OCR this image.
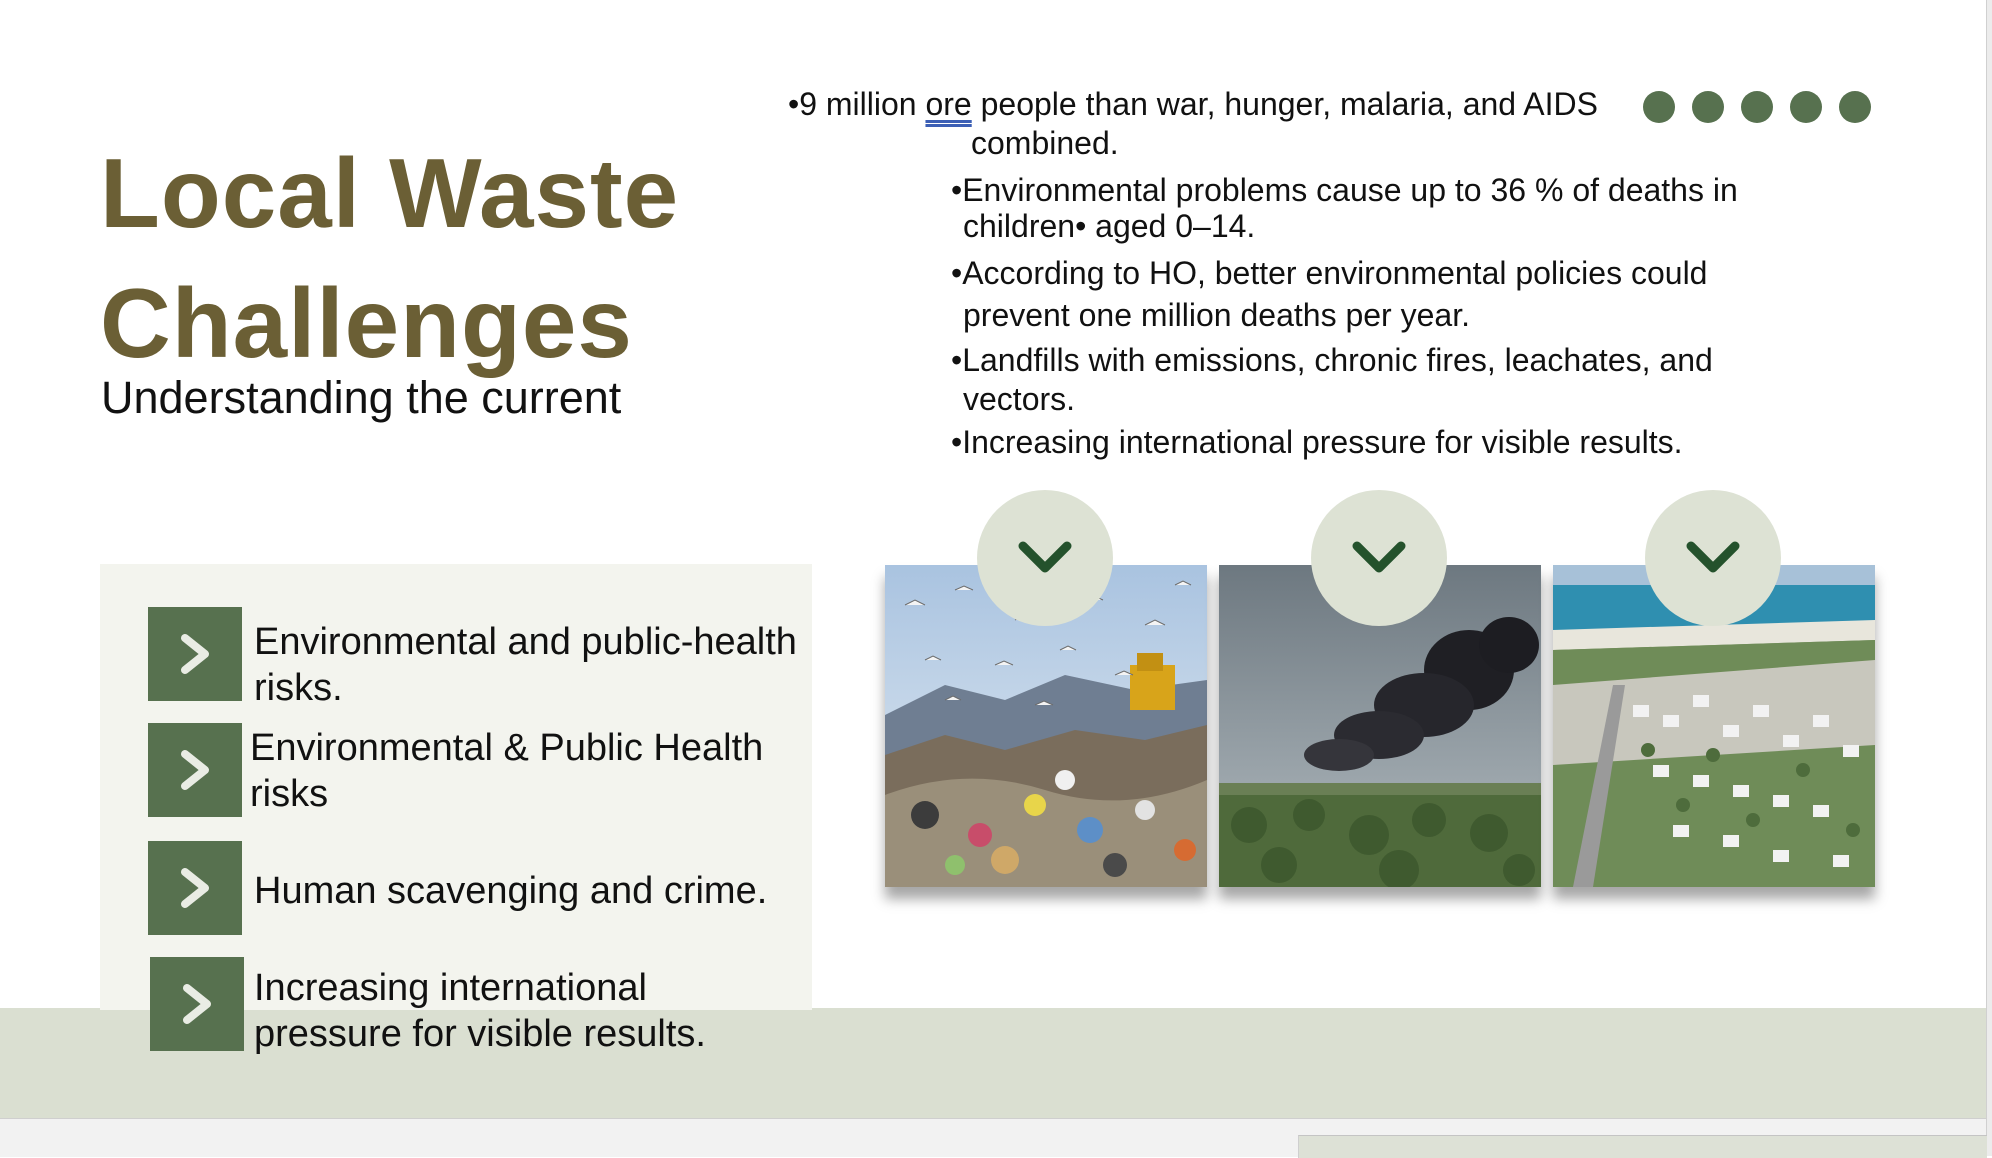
Local Waste
Challenges
Understanding the current
•9 million ore people than war, hunger, malaria, and AIDS
combined.
•Environmental problems cause up to 36 % of deaths in
children• aged 0–14.
•According to HO, better environmental policies could
prevent one million deaths per year.
•Landfills with emissions, chronic fires, leachates, and
vectors.
•Increasing international pressure for visible results.
Environmental and public-health
risks.
Environmental & Public Health
risks
Human scavenging and crime.
Increasing international
pressure for visible results.
